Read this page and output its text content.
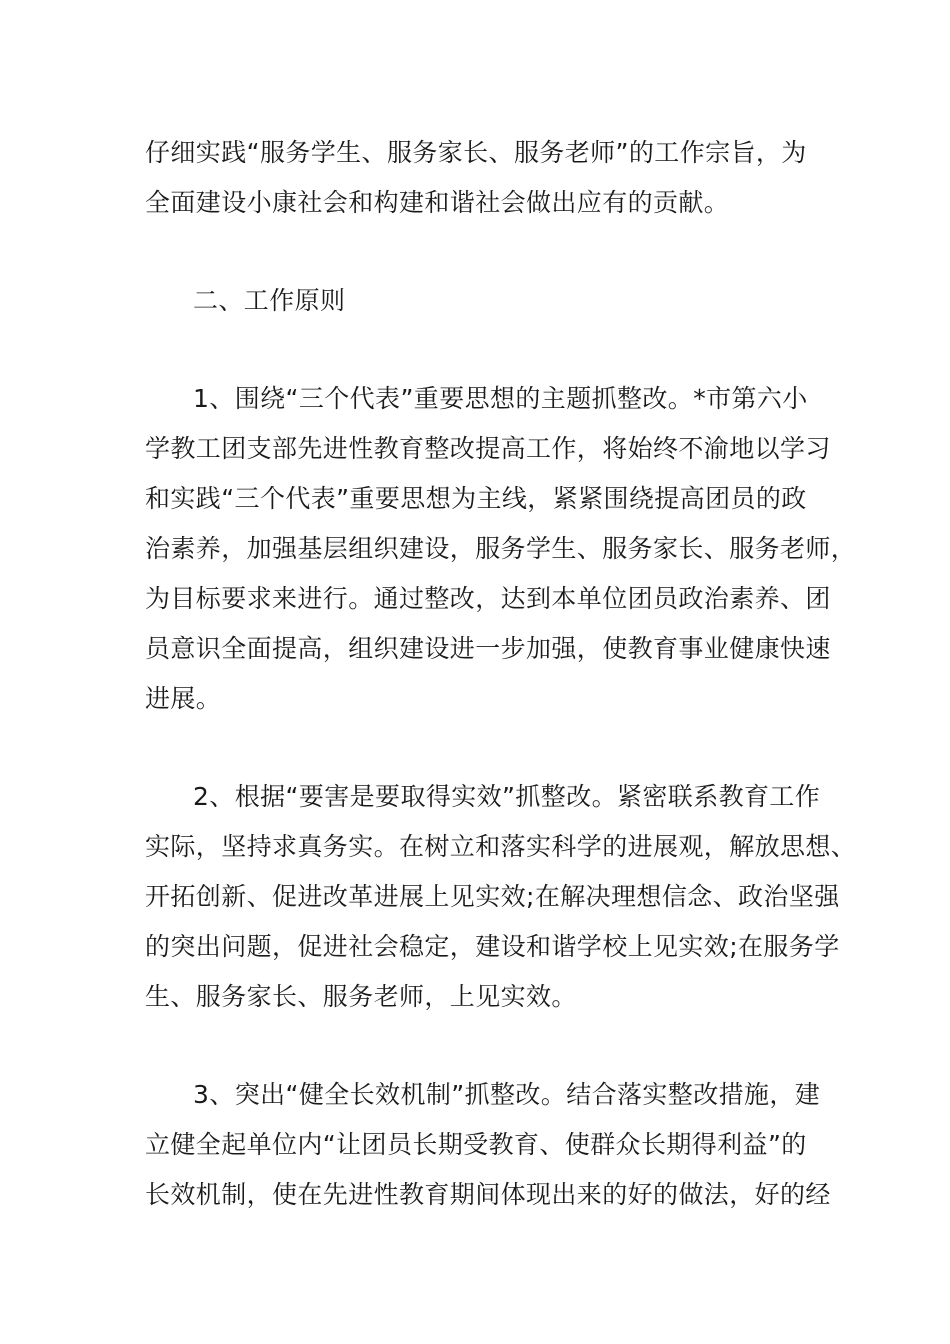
仔细实践“服务学生、服务家长、服务老师”的工作宗旨，为
全面建设小康社会和构建和谐社会做出应有的贡献。
二、工作原则
1、围绕“三个代表”重要思想的主题抓整改。*市第六小
学教工团支部先进性教育整改提高工作，将始终不渝地以学习
和实践“三个代表”重要思想为主线，紧紧围绕提高团员的政
治素养，加强基层组织建设，服务学生、服务家长、服务老师，
为目标要求来进行。通过整改，达到本单位团员政治素养、团
员意识全面提高，组织建设进一步加强，使教育事业健康快速
进展。
2、根据“要害是要取得实效”抓整改。紧密联系教育工作
实际，坚持求真务实。在树立和落实科学的进展观，解放思想、
开拓创新、促进改革进展上见实效;在解决理想信念、政治坚强
的突出问题，促进社会稳定，建设和谐学校上见实效;在服务学
生、服务家长、服务老师，上见实效。
3、突出“健全长效机制”抓整改。结合落实整改措施，建
立健全起单位内“让团员长期受教育、使群众长期得利益”的
长效机制，使在先进性教育期间体现出来的好的做法，好的经
